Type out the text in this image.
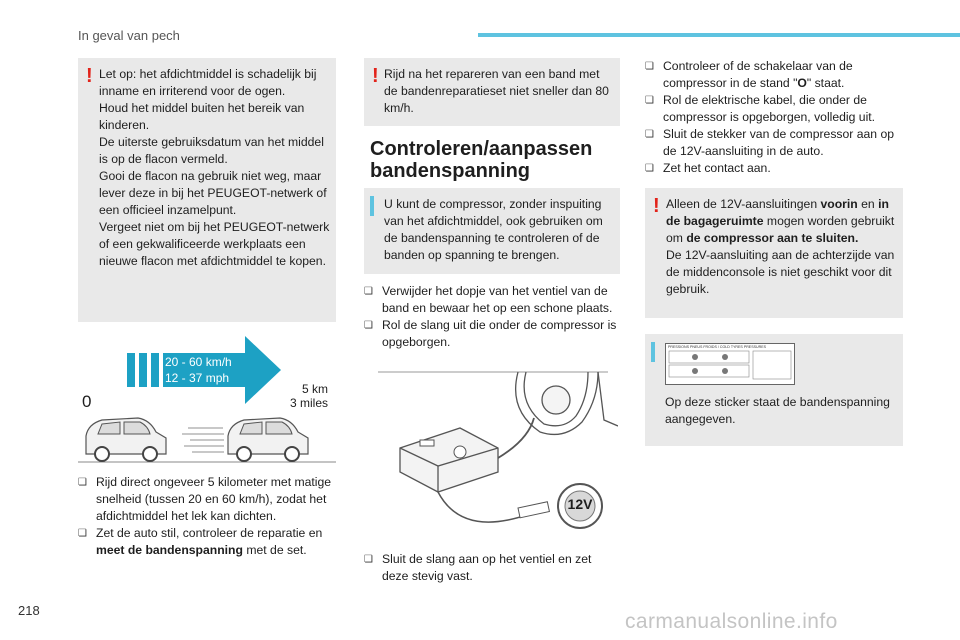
In geval van pech
218	carmanualsonline.info
! Let op: het afdichtmiddel is schadelijk bij inname en irriterend voor de ogen.
Houd het middel buiten het bereik van kinderen.
De uiterste gebruiksdatum van het middel is op de flacon vermeld.
Gooi de flacon na gebruik niet weg, maar lever deze in bij het PEUGEOT-netwerk of een officieel inzamelpunt.
Vergeet niet om bij het PEUGEOT-netwerk of een gekwalificeerde werkplaats een nieuwe flacon met afdichtmiddel te kopen.
20 - 60 km/h
12 - 37 mph
0
5 km
3 miles
❏ Rijd direct ongeveer 5 kilometer met matige snelheid (tussen 20 en 60 km/h), zodat het afdichtmiddel het lek kan dichten.
❏ Zet de auto stil, controleer de reparatie en meet de bandenspanning met de set.
! Rijd na het repareren van een band met de bandenreparatieset niet sneller dan 80 km/h.
Controleren/aanpassen
bandenspanning
U kunt de compressor, zonder inspuiting van het afdichtmiddel, ook gebruiken om de bandenspanning te controleren of de banden op spanning te brengen.
❏ Verwijder het dopje van het ventiel van de band en bewaar het op een schone plaats.
❏ Rol de slang uit die onder de compressor is opgeborgen.
12V
❏ Sluit de slang aan op het ventiel en zet deze stevig vast.
❏ Controleer of de schakelaar van de compressor in de stand "O" staat.
❏ Rol de elektrische kabel, die onder de compressor is opgeborgen, volledig uit.
❏ Sluit de stekker van de compressor aan op de 12V-aansluiting in de auto.
❏ Zet het contact aan.
! Alleen de 12V-aansluitingen voorin en in de bagageruimte mogen worden gebruikt om de compressor aan te sluiten.
De 12V-aansluiting aan de achterzijde van de middenconsole is niet geschikt voor dit gebruik.
PRESSIONS PNEUS FROIDS / COLD TYRES PRESSURES
Op deze sticker staat de bandenspanning aangegeven.
